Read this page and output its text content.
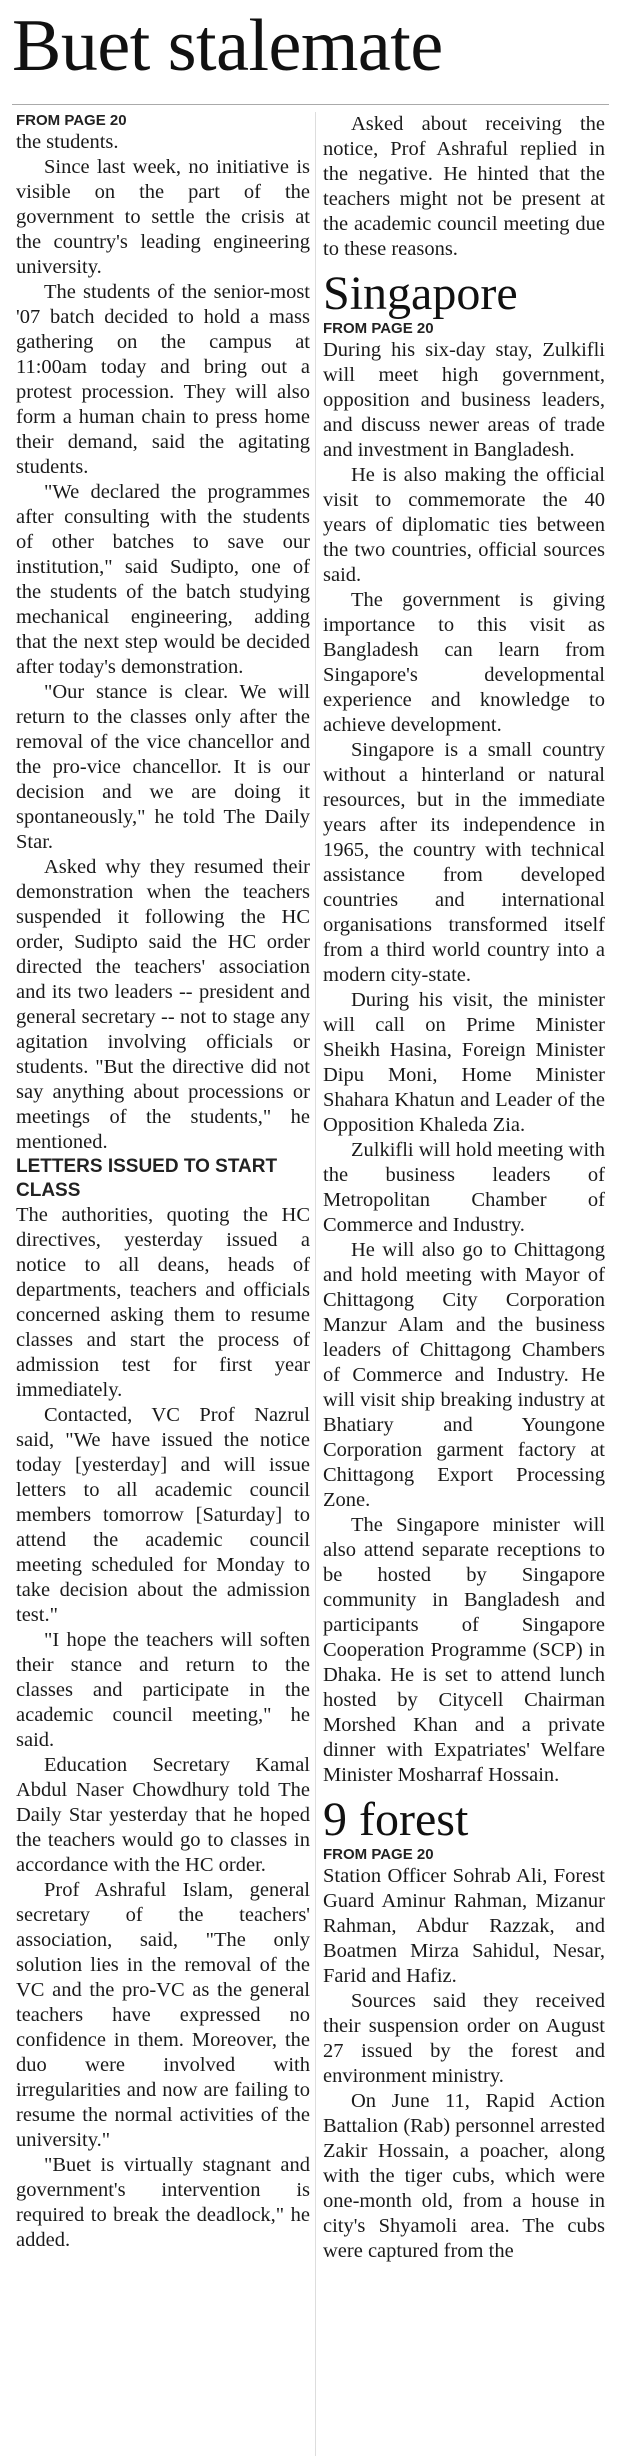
Buet stalemate
FROM PAGE 20

the students.

Since last week, no initiative is visible on the part of the government to settle the crisis at the country's leading engineering university.

The students of the senior-most '07 batch decided to hold a mass gathering on the campus at 11:00am today and bring out a protest procession. They will also form a human chain to press home their demand, said the agitating students.

"We declared the programmes after consulting with the students of other batches to save our institution," said Sudipto, one of the students of the batch studying mechanical engineering, adding that the next step would be decided after today's demonstration.

"Our stance is clear. We will return to the classes only after the removal of the vice chancellor and the pro-vice chancellor. It is our decision and we are doing it spontaneously," he told The Daily Star.

Asked why they resumed their demonstration when the teachers suspended it following the HC order, Sudipto said the HC order directed the teachers' association and its two leaders -- president and general secretary -- not to stage any agitation involving officials or students. "But the directive did not say anything about processions or meetings of the students," he mentioned.

LETTERS ISSUED TO START CLASS

The authorities, quoting the HC directives, yesterday issued a notice to all deans, heads of departments, teachers and officials concerned asking them to resume classes and start the process of admission test for first year immediately.

Contacted, VC Prof Nazrul said, "We have issued the notice today [yesterday] and will issue letters to all academic council members tomorrow [Saturday] to attend the academic council meeting scheduled for Monday to take decision about the admission test."

"I hope the teachers will soften their stance and return to the classes and participate in the academic council meeting," he said.

Education Secretary Kamal Abdul Naser Chowdhury told The Daily Star yesterday that he hoped the teachers would go to classes in accordance with the HC order.

Prof Ashraful Islam, general secretary of the teachers' association, said, "The only solution lies in the removal of the VC and the pro-VC as the general teachers have expressed no confidence in them. Moreover, the duo were involved with irregularities and now are failing to resume the normal activities of the university."

"Buet is virtually stagnant and government's intervention is required to break the deadlock," he added.

Asked about receiving the notice, Prof Ashraful replied in the negative. He hinted that the teachers might not be present at the academic council meeting due to these reasons.

Singapore
FROM PAGE 20

During his six-day stay, Zulkifli will meet high government, opposition and business leaders, and discuss newer areas of trade and investment in Bangladesh.

He is also making the official visit to commemorate the 40 years of diplomatic ties between the two countries, official sources said.

The government is giving importance to this visit as Bangladesh can learn from Singapore's developmental experience and knowledge to achieve development.

Singapore is a small country without a hinterland or natural resources, but in the immediate years after its independence in 1965, the country with technical assistance from developed countries and international organisations transformed itself from a third world country into a modern city-state.

During his visit, the minister will call on Prime Minister Sheikh Hasina, Foreign Minister Dipu Moni, Home Minister Shahara Khatun and Leader of the Opposition Khaleda Zia.

Zulkifli will hold meeting with the business leaders of Metropolitan Chamber of Commerce and Industry.

He will also go to Chittagong and hold meeting with Mayor of Chittagong City Corporation Manzur Alam and the business leaders of Chittagong Chambers of Commerce and Industry. He will visit ship breaking industry at Bhatiary and Youngone Corporation garment factory at Chittagong Export Processing Zone.

The Singapore minister will also attend separate receptions to be hosted by Singapore community in Bangladesh and participants of Singapore Cooperation Programme (SCP) in Dhaka. He is set to attend lunch hosted by Citycell Chairman Morshed Khan and a private dinner with Expatriates' Welfare Minister Mosharraf Hossain.

9 forest
FROM PAGE 20

Station Officer Sohrab Ali, Forest Guard Aminur Rahman, Mizanur Rahman, Abdur Razzak, and Boatmen Mirza Sahidul, Nesar, Farid and Hafiz.

Sources said they received their suspension order on August 27 issued by the forest and environment ministry.

On June 11, Rapid Action Battalion (Rab) personnel arrested Zakir Hossain, a poacher, along with the tiger cubs, which were one-month old, from a house in city's Shyamoli area. The cubs were captured from the
